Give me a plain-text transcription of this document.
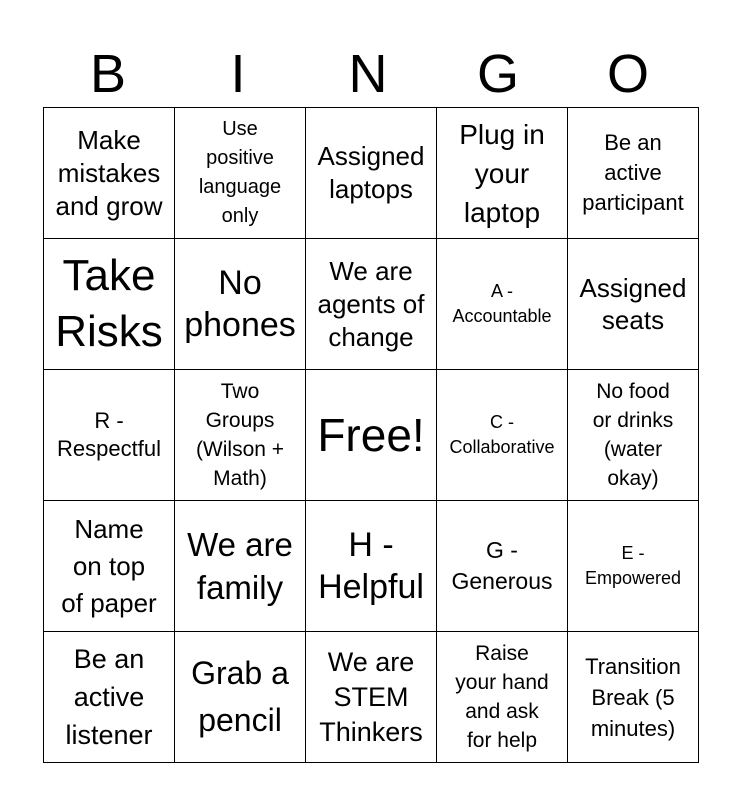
B	I	N	G	O
Make
mistakes
and grow	Use
positive
language
only	Assigned
laptops	Plug in
your
laptop	Be an
active
participant

Take
Risks	No
phones	We are
agents of
change	A -
Accountable	Assigned
seats

R -
Respectful	Two
Groups
(Wilson +
Math)	Free!	C -
Collaborative	No food
or drinks
(water
okay)

Name
on top
of paper	We are
family	H -
Helpful	G -
Generous	E -
Empowered

Be an
active
listener	Grab a
pencil	We are
STEM
Thinkers	Raise
your hand
and ask
for help	Transition
Break (5
minutes)
